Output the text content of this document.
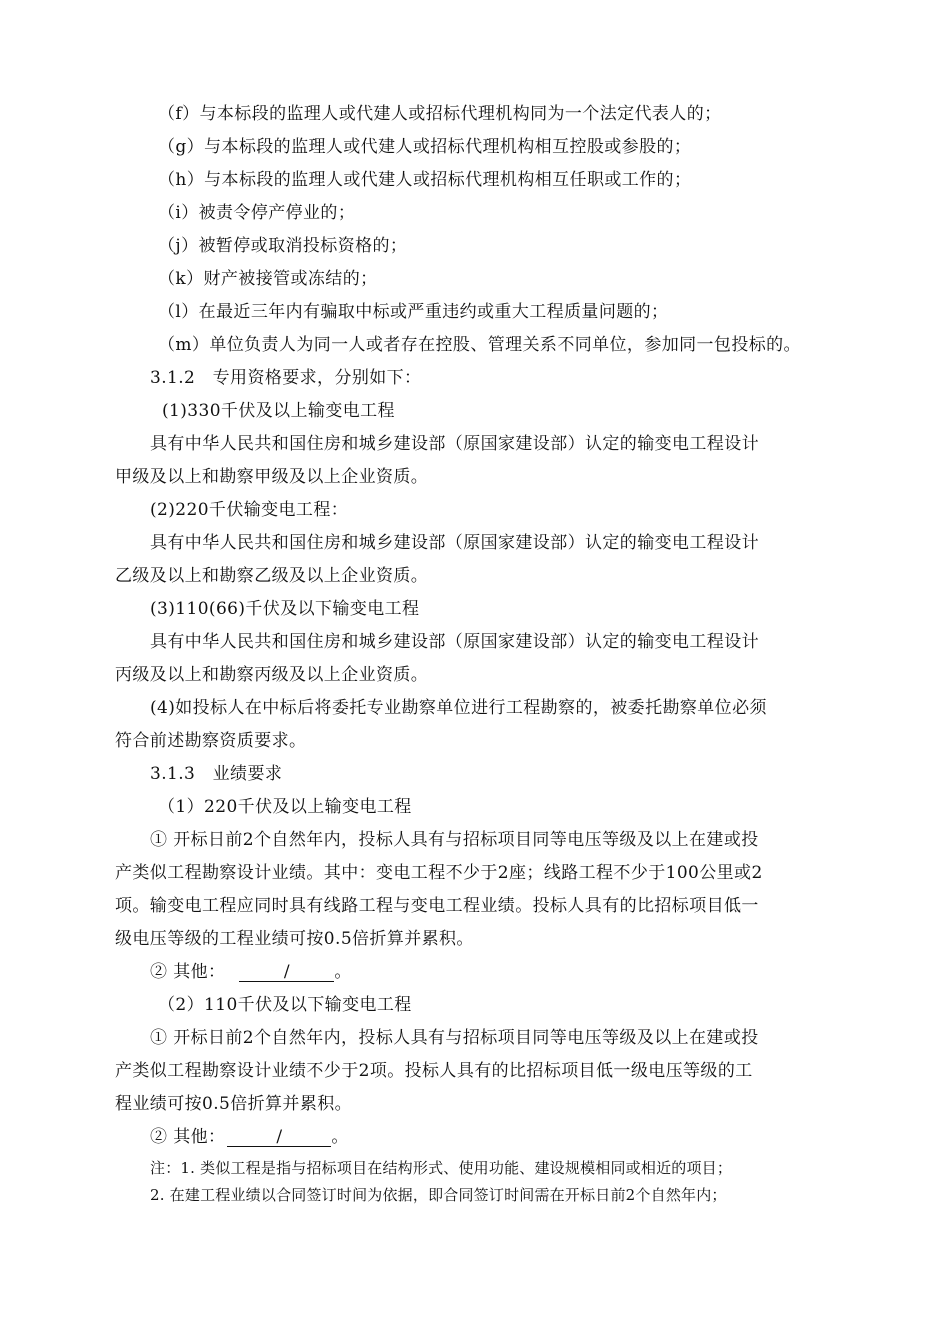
（f）与本标段的监理人或代建人或招标代理机构同为一个法定代表人的；
（g）与本标段的监理人或代建人或招标代理机构相互控股或参股的；
（h）与本标段的监理人或代建人或招标代理机构相互任职或工作的；
（i）被责令停产停业的；
（j）被暂停或取消投标资格的；
（k）财产被接管或冻结的；
（l）在最近三年内有骗取中标或严重违约或重大工程质量问题的；
（m）单位负责人为同一人或者存在控股、管理关系不同单位，参加同一包投标的。
3.1.2　专用资格要求，分别如下：
(1)330千伏及以上输变电工程
具有中华人民共和国住房和城乡建设部（原国家建设部）认定的输变电工程设计
甲级及以上和勘察甲级及以上企业资质。
(2)220千伏输变电工程：
具有中华人民共和国住房和城乡建设部（原国家建设部）认定的输变电工程设计
乙级及以上和勘察乙级及以上企业资质。
(3)110(66)千伏及以下输变电工程
具有中华人民共和国住房和城乡建设部（原国家建设部）认定的输变电工程设计
丙级及以上和勘察丙级及以上企业资质。
(4)如投标人在中标后将委托专业勘察单位进行工程勘察的，被委托勘察单位必须
符合前述勘察资质要求。
3.1.3　业绩要求
（1）220千伏及以上输变电工程
① 开标日前2个自然年内，投标人具有与招标项目同等电压等级及以上在建或投
产类似工程勘察设计业绩。其中：变电工程不少于2座；线路工程不少于100公里或2
项。输变电工程应同时具有线路工程与变电工程业绩。投标人具有的比招标项目低一
级电压等级的工程业绩可按0.5倍折算并累积。
② 其他：	/	。
（2）110千伏及以下输变电工程
① 开标日前2个自然年内，投标人具有与招标项目同等电压等级及以上在建或投
产类似工程勘察设计业绩不少于2项。投标人具有的比招标项目低一级电压等级的工
程业绩可按0.5倍折算并累积。
② 其他：	/	。
注：1. 类似工程是指与招标项目在结构形式、使用功能、建设规模相同或相近的项目；
2. 在建工程业绩以合同签订时间为依据，即合同签订时间需在开标日前2个自然年内；
